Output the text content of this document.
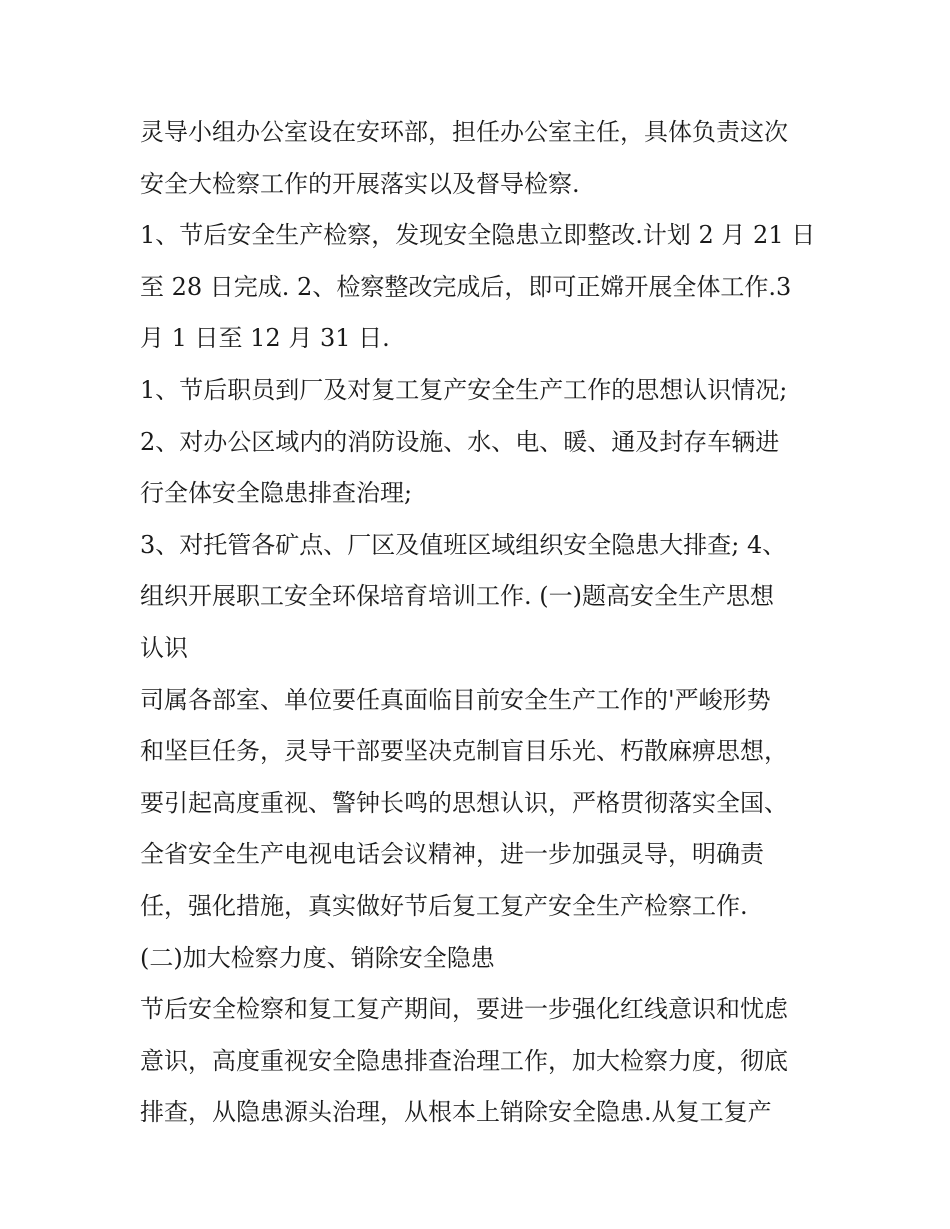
灵导小组办公室设在安环部，担任办公室主任，具体负责这次
安全大检察工作的开展落实以及督导检察.
1、节后安全生产检察，发现安全隐患立即整改.计划 2 月 21 日
至 28 日完成. 2、检察整改完成后，即可正嫦开展全体工作.3
月 1 日至 12 月 31 日.
1、节后职员到厂及对复工复产安全生产工作的思想认识情况;
2、对办公区域内的消防设施、水、电、暖、通及封存车辆进
行全体安全隐患排查治理;
3、对托管各矿点、厂区及值班区域组织安全隐患大排查; 4、
组织开展职工安全环保培育培训工作. (一)题高安全生产思想
认识
司属各部室、单位要任真面临目前安全生产工作的'严峻形势
和坚巨任务，灵导干部要坚决克制盲目乐光、朽散麻痹思想，
要引起高度重视、警钟长鸣的思想认识，严格贯彻落实全国、
全省安全生产电视电话会议精神，进一步加强灵导，明确责
任，强化措施，真实做好节后复工复产安全生产检察工作.
(二)加大检察力度、销除安全隐患
节后安全检察和复工复产期间，要进一步强化红线意识和忧虑
意识，高度重视安全隐患排查治理工作，加大检察力度，彻底
排查，从隐患源头治理，从根本上销除安全隐患.从复工复产
